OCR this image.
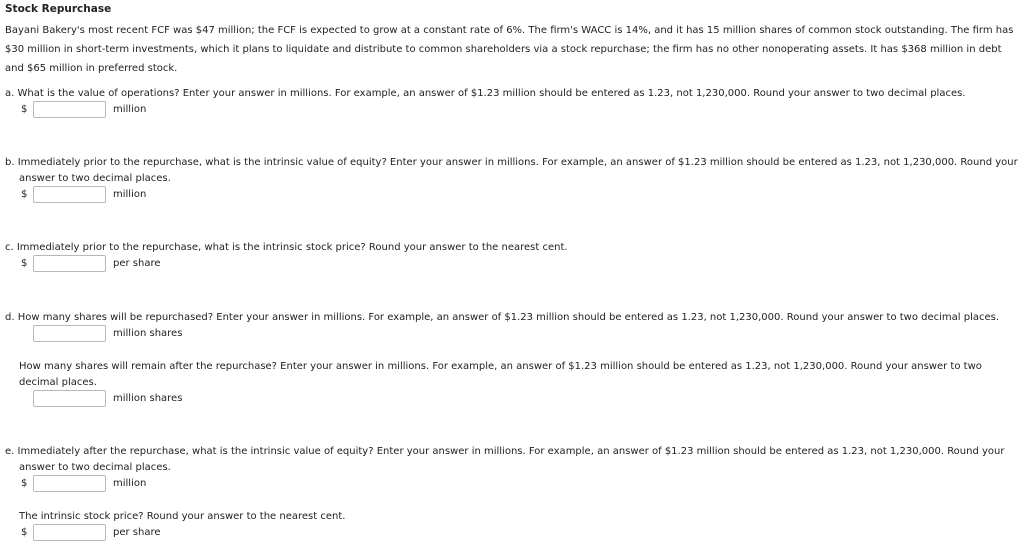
Stock Repurchase
Bayani Bakery's most recent FCF was $47 million; the FCF is expected to grow at a constant rate of 6%. The firm's WACC is 14%, and it has 15 million shares of common stock outstanding. The firm has $30 million in short-term investments, which it plans to liquidate and distribute to common shareholders via a stock repurchase; the firm has no other nonoperating assets. It has $368 million in debt and $65 million in preferred stock.
a. What is the value of operations? Enter your answer in millions. For example, an answer of $1.23 million should be entered as 1.23, not 1,230,000. Round your answer to two decimal places.
$	million
b. Immediately prior to the repurchase, what is the intrinsic value of equity? Enter your answer in millions. For example, an answer of $1.23 million should be entered as 1.23, not 1,230,000. Round your answer to two decimal places.
$	million
c. Immediately prior to the repurchase, what is the intrinsic stock price? Round your answer to the nearest cent.
$	per share
d. How many shares will be repurchased? Enter your answer in millions. For example, an answer of $1.23 million should be entered as 1.23, not 1,230,000. Round your answer to two decimal places.
million shares
How many shares will remain after the repurchase? Enter your answer in millions. For example, an answer of $1.23 million should be entered as 1.23, not 1,230,000. Round your answer to two decimal places.
million shares
e. Immediately after the repurchase, what is the intrinsic value of equity? Enter your answer in millions. For example, an answer of $1.23 million should be entered as 1.23, not 1,230,000. Round your answer to two decimal places.
$	million
The intrinsic stock price? Round your answer to the nearest cent.
$	per share
